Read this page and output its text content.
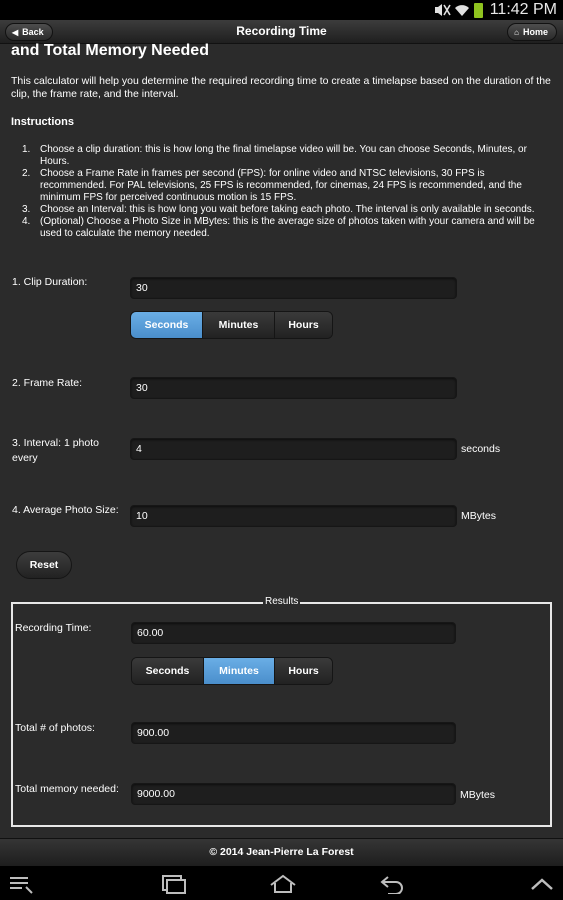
11:42 PM
◀ Back	Recording Time	⌂ Home
and Total Memory Needed
This calculator will help you determine the required recording time to create a timelapse based on the duration of the clip, the frame rate, and the interval.
Instructions
1. Choose a clip duration: this is how long the final timelapse video will be. You can choose Seconds, Minutes, or Hours.
2. Choose a Frame Rate in frames per second (FPS): for online video and NTSC televisions, 30 FPS is recommended. For PAL televisions, 25 FPS is recommended, for cinemas, 24 FPS is recommended, and the minimum FPS for perceived continuous motion is 15 FPS.
3. Choose an Interval: this is how long you wait before taking each photo. The interval is only available in seconds.
4. (Optional) Choose a Photo Size in MBytes: this is the average size of photos taken with your camera and will be used to calculate the memory needed.
1. Clip Duration:	30
Seconds	Minutes	Hours
2. Frame Rate:	30
3. Interval: 1 photo every
4	seconds
4. Average Photo Size:	10	MBytes
Reset
Results
Recording Time:	60.00
Seconds	Minutes	Hours
Total # of photos:	900.00
Total memory needed:	9000.00	MBytes
© 2014 Jean-Pierre La Forest
